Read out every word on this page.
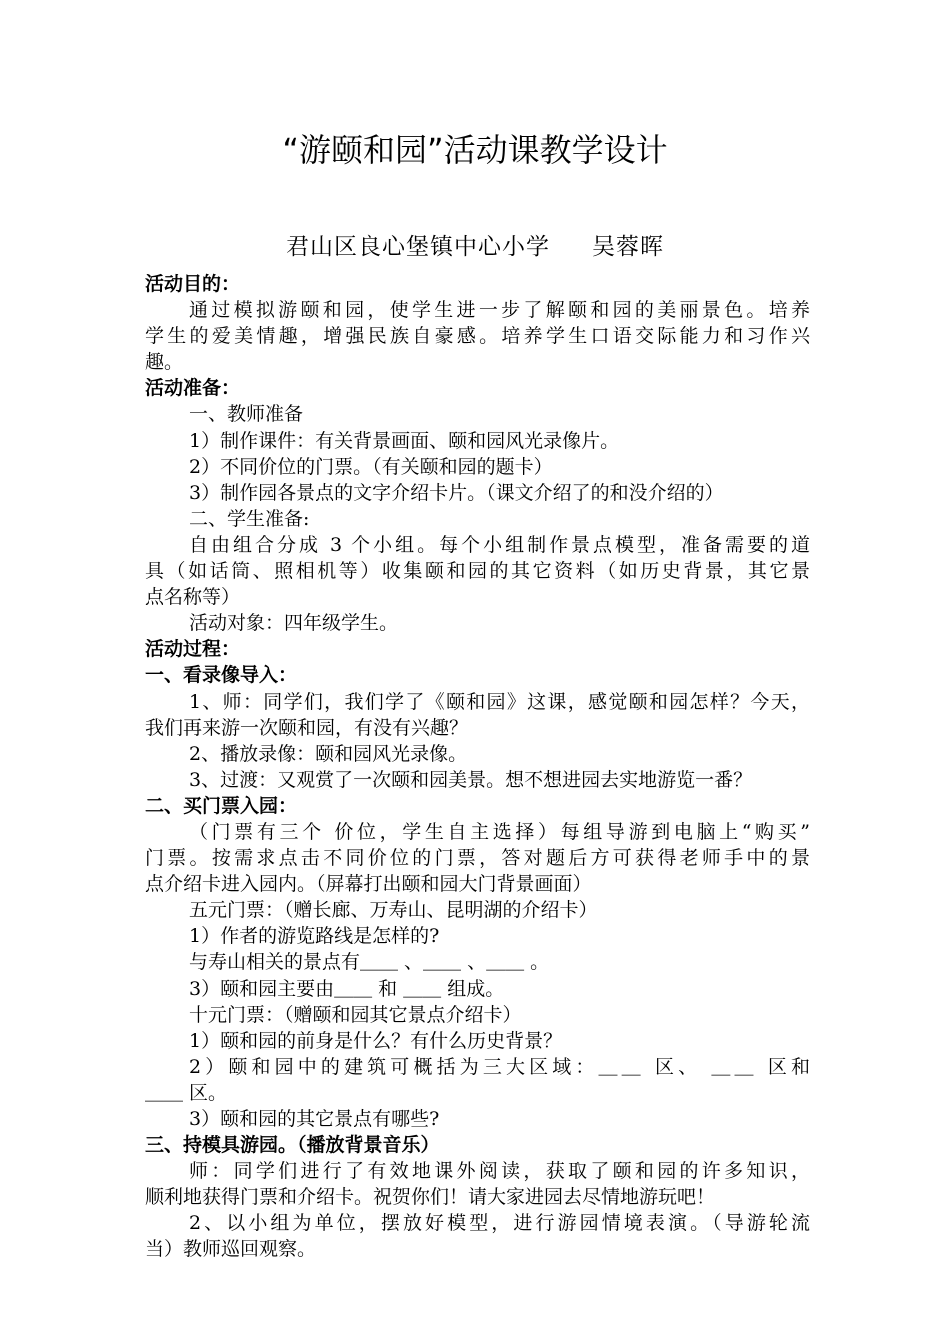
“游颐和园”活动课教学设计
君山区良心堡镇中心小学 吴蓉晖

活动目的：

通过模拟游颐和园，使学生进一步了解颐和园的美丽景色。培养
学生的爱美情趣，增强民族自豪感。培养学生口语交际能力和习作兴
趣。

活动准备：

一、教师准备

1）制作课件：有关背景画面、颐和园风光录像片。

2）不同价位的门票。（有关颐和园的题卡）

3）制作园各景点的文字介绍卡片。（课文介绍了的和没介绍的）

二、学生准备:

自由组合分成 3 个小组。每个小组制作景点模型，准备需要的道
具（如话筒、照相机等）收集颐和园的其它资料（如历史背景，其它景
点名称等）

活动对象：四年级学生。

活动过程：

一、看录像导入：

1、师：同学们，我们学了《颐和园》这课，感觉颐和园怎样？今天，
我们再来游一次颐和园，有没有兴趣？

2、播放录像：颐和园风光录像。

3、过渡：又观赏了一次颐和园美景。想不想进园去实地游览一番？

二、买门票入园：

（门票有三个 价位，学生自主选择）每组导游到电脑上“购买”
门票。按需求点击不同价位的门票，答对题后方可获得老师手中的景
点介绍卡进入园内。（屏幕打出颐和园大门背景画面）

五元门票：（赠长廊、万寿山、昆明湖的介绍卡）

1）作者的游览路线是怎样的?

与寿山相关的景点有＿＿ 、＿＿ 、＿＿ 。

3）颐和园主要由＿＿ 和 ＿＿ 组成。

十元门票：（赠颐和园其它景点介绍卡）

1）颐和园的前身是什么？有什么历史背景？

2）颐和园中的建筑可概括为三大区域：＿＿ 区、 ＿＿ 区和
＿＿ 区。

3）颐和园的其它景点有哪些?

三、持模具游园。（播放背景音乐）

师：同学们进行了有效地课外阅读，获取了颐和园的许多知识，
顺利地获得门票和介绍卡。祝贺你们！请大家进园去尽情地游玩吧！

2、以小组为单位，摆放好模型，进行游园情境表演。（导游轮流
当）教师巡回观察。
